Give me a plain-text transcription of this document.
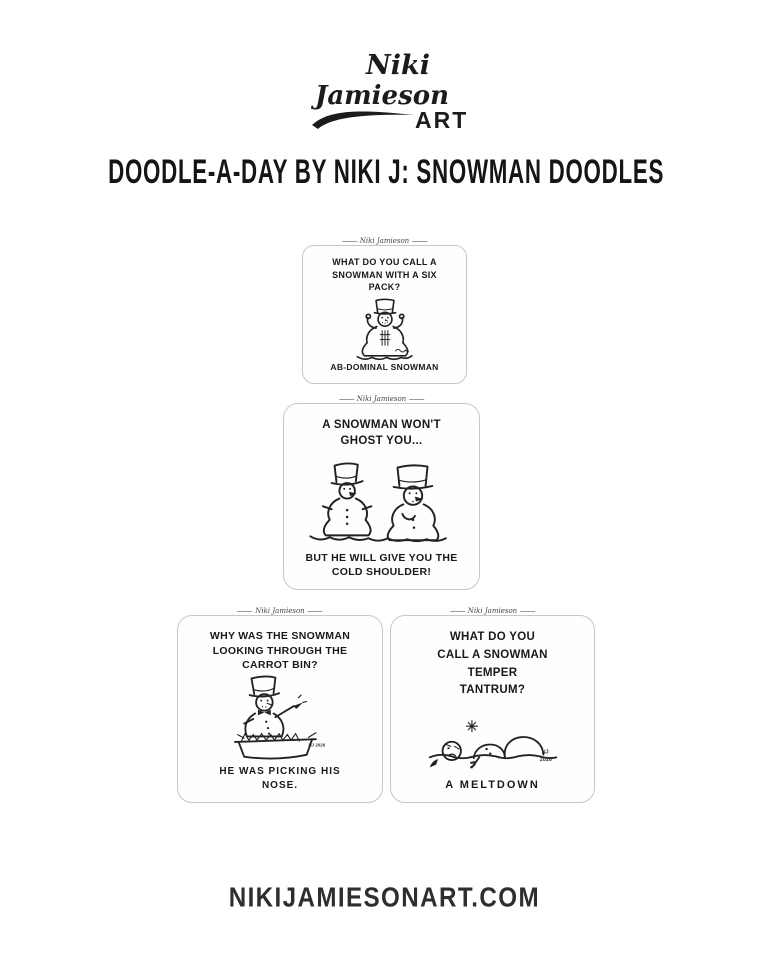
Niki
Jamieson
ART
DOODLE-A-DAY BY NIKI J: SNOWMAN DOODLES
Niki Jamieson
WHAT DO YOU CALL A SNOWMAN WITH A SIX PACK?
AB-DOMINAL SNOWMAN
Niki Jamieson
A SNOWMAN WON'T GHOST YOU...
BUT HE WILL GIVE YOU THE COLD SHOULDER!
Niki Jamieson
WHY WAS THE SNOWMAN LOOKING THROUGH THE CARROT BIN?
NJ 2026
HE WAS PICKING HIS NOSE.
Niki Jamieson
WHAT DO YOU CALL A SNOWMAN TEMPER TANTRUM?
NJ
2026
A MELTDOWN
NIKIJAMIESONART.COM
